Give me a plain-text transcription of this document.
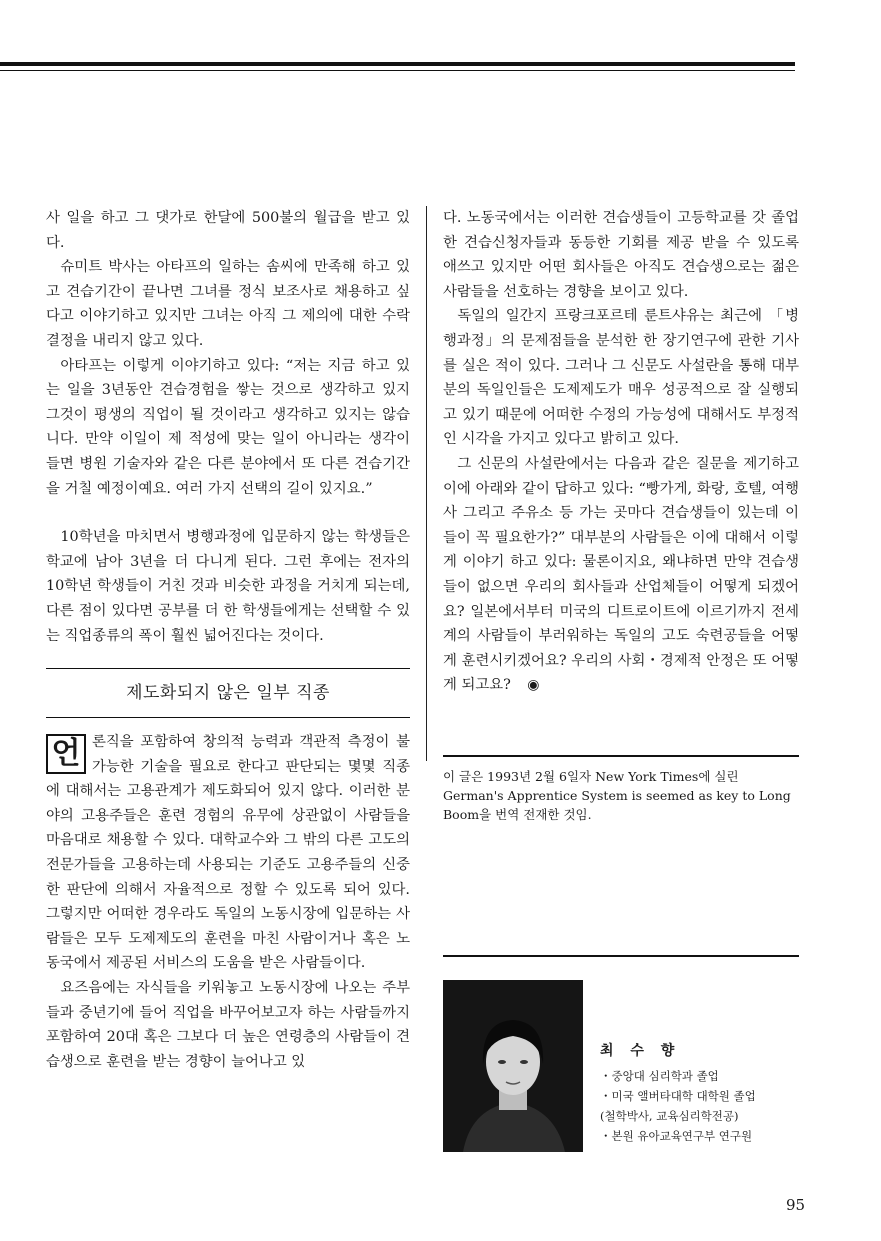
사 일을 하고 그 댓가로 한달에 500불의 월급을 받고 있다.

슈미트 박사는 아타프의 일하는 솜씨에 만족해 하고 있고 견습기간이 끝나면 그녀를 정식 보조사로 채용하고 싶다고 이야기하고 있지만 그녀는 아직 그 제의에 대한 수락 결정을 내리지 않고 있다.

아타프는 이렇게 이야기하고 있다: “저는 지금 하고 있는 일을 3년동안 견습경험을 쌓는 것으로 생각하고 있지 그것이 평생의 직업이 될 것이라고 생각하고 있지는 않습니다. 만약 이일이 제 적성에 맞는 일이 아니라는 생각이 들면 병원 기술자와 같은 다른 분야에서 또 다른 견습기간을 거칠 예정이예요. 여러 가지 선택의 길이 있지요.”

10학년을 마치면서 병행과정에 입문하지 않는 학생들은 학교에 남아 3년을 더 다니게 된다. 그런 후에는 전자의 10학년 학생들이 거친 것과 비슷한 과정을 거치게 되는데, 다른 점이 있다면 공부를 더 한 학생들에게는 선택할 수 있는 직업종류의 폭이 훨씬 넓어진다는 것이다.

제도화되지 않은 일부 직종

언 론직을 포함하여 창의적 능력과 객관적 측정이 불가능한 기술을 필요로 한다고 판단되는 몇몇 직종에 대해서는 고용관계가 제도화되어 있지 않다. 이러한 분야의 고용주들은 훈련 경험의 유무에 상관없이 사람들을 마음대로 채용할 수 있다. 대학교수와 그 밖의 다른 고도의 전문가들을 고용하는데 사용되는 기준도 고용주들의 신중한 판단에 의해서 자율적으로 정할 수 있도록 되어 있다. 그렇지만 어떠한 경우라도 독일의 노동시장에 입문하는 사람들은 모두 도제제도의 훈련을 마친 사람이거나 혹은 노동국에서 제공된 서비스의 도움을 받은 사람들이다.

요즈음에는 자식들을 키워놓고 노동시장에 나오는 주부들과 중년기에 들어 직업을 바꾸어보고자 하는 사람들까지 포함하여 20대 혹은 그보다 더 높은 연령층의 사람들이 견습생으로 훈련을 받는 경향이 늘어나고 있

다. 노동국에서는 이러한 견습생들이 고등학교를 갓 졸업한 견습신청자들과 동등한 기회를 제공 받을 수 있도록 애쓰고 있지만 어떤 회사들은 아직도 견습생으로는 젊은 사람들을 선호하는 경향을 보이고 있다.

독일의 일간지 프랑크포르테 룬트샤유는 최근에 「병행과정」의 문제점들을 분석한 한 장기연구에 관한 기사를 실은 적이 있다. 그러나 그 신문도 사설란을 통해 대부분의 독일인들은 도제제도가 매우 성공적으로 잘 실행되고 있기 때문에 어떠한 수정의 가능성에 대해서도 부정적인 시각을 가지고 있다고 밝히고 있다.

그 신문의 사설란에서는 다음과 같은 질문을 제기하고 이에 아래와 같이 답하고 있다: “빵가게, 화랑, 호텔, 여행사 그리고 주유소 등 가는 곳마다 견습생들이 있는데 이들이 꼭 필요한가?” 대부분의 사람들은 이에 대해서 이렇게 이야기 하고 있다: 물론이지요, 왜냐하면 만약 견습생들이 없으면 우리의 회사들과 산업체들이 어떻게 되겠어요? 일본에서부터 미국의 디트로이트에 이르기까지 전세계의 사람들이 부러워하는 독일의 고도 숙련공들을 어떻게 훈련시키겠어요? 우리의 사회・경제적 안정은 또 어떻게 되고요? ◉

이 글은 1993년 2월 6일자 New York Times에 실린 German's Apprentice System is seemed as key to Long Boom을 번역 전재한 것임.
최 수 향
・중앙대 심리학과 졸업
・미국 앨버타대학 대학원 졸업
(철학박사, 교육심리학전공)
・본원 유아교육연구부 연구원
95
